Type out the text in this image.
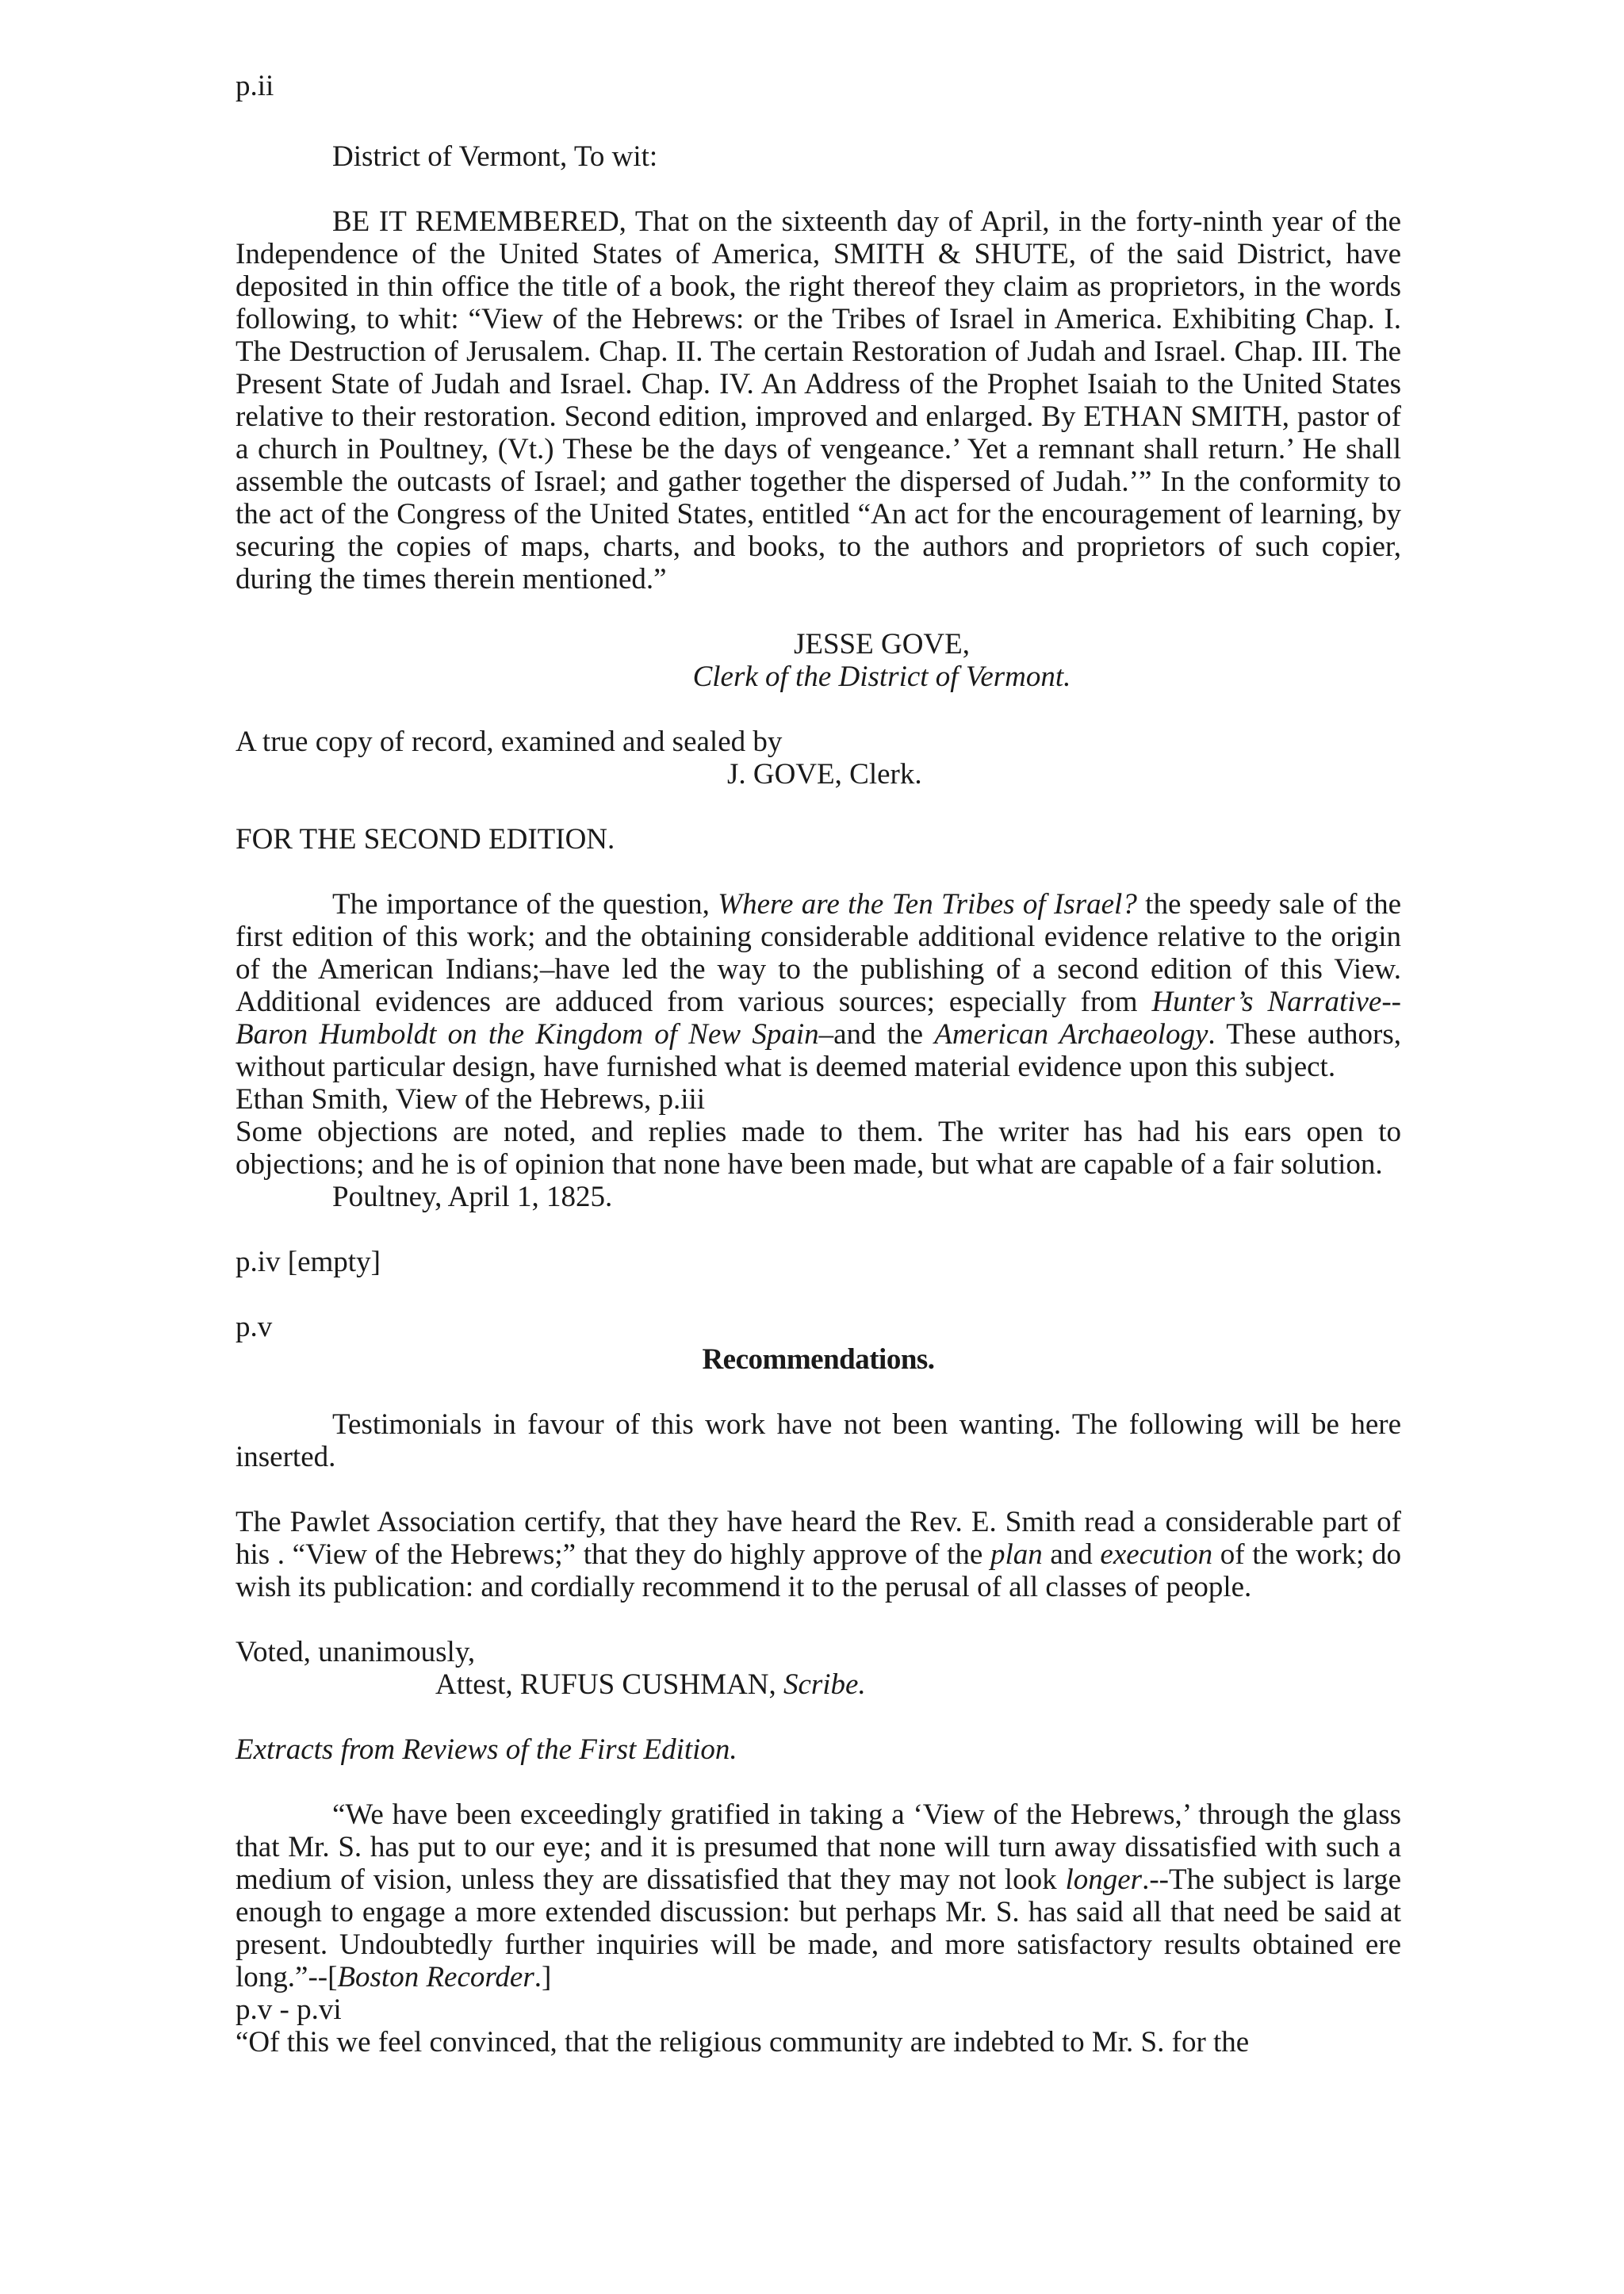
p.ii

District of Vermont, To wit:

BE IT REMEMBERED, That on the sixteenth day of April, in the forty-ninth year of the Independence of the United States of America, SMITH & SHUTE, of the said District, have deposited in thin office the title of a book, the right thereof they claim as proprietors, in the words following, to whit: “View of the Hebrews: or the Tribes of Israel in America. Exhibiting Chap. I. The Destruction of Jerusalem. Chap. II. The certain Restoration of Judah and Israel. Chap. III. The Present State of Judah and Israel. Chap. IV. An Address of the Prophet Isaiah to the United States relative to their restoration. Second edition, improved and enlarged. By ETHAN SMITH, pastor of a church in Poultney, (Vt.) These be the days of vengeance.’ Yet a remnant shall return.’ He shall assemble the outcasts of Israel; and gather together the dispersed of Judah.’” In the conformity to the act of the Congress of the United States, entitled “An act for the encouragement of learning, by securing the copies of maps, charts, and books, to the authors and proprietors of such copier, during the times therein mentioned.”

JESSE GOVE,

Clerk of the District of Vermont.

A true copy of record, examined and sealed by

J. GOVE, Clerk.

FOR THE SECOND EDITION.

The importance of the question, Where are the Ten Tribes of Israel? the speedy sale of the first edition of this work; and the obtaining considerable additional evidence relative to the origin of the American Indians;–have led the way to the publishing of a second edition of this View. Additional evidences are adduced from various sources; especially from Hunter’s Narrative--Baron Humboldt on the Kingdom of New Spain–and the American Archaeology. These authors, without particular design, have furnished what is deemed material evidence upon this subject.

Ethan Smith, View of the Hebrews, p.iii

Some objections are noted, and replies made to them. The writer has had his ears open to objections; and he is of opinion that none have been made, but what are capable of a fair solution.

Poultney, April 1, 1825.

p.iv [empty]

p.v

Recommendations.

Testimonials in favour of this work have not been wanting. The following will be here inserted.

The Pawlet Association certify, that they have heard the Rev. E. Smith read a considerable part of his . “View of the Hebrews;” that they do highly approve of the plan and execution of the work; do wish its publication: and cordially recommend it to the perusal of all classes of people.

Voted, unanimously,

Attest, RUFUS CUSHMAN, Scribe.

Extracts from Reviews of the First Edition.

“We have been exceedingly gratified in taking a ‘View of the Hebrews,’ through the glass that Mr. S. has put to our eye; and it is presumed that none will turn away dissatisfied with such a medium of vision, unless they are dissatisfied that they may not look longer.--The subject is large enough to engage a more extended discussion: but perhaps Mr. S. has said all that need be said at present. Undoubtedly further inquiries will be made, and more satisfactory results obtained ere long.”--[Boston Recorder.]

p.v - p.vi

“Of this we feel convinced, that the religious community are indebted to Mr. S. for the
